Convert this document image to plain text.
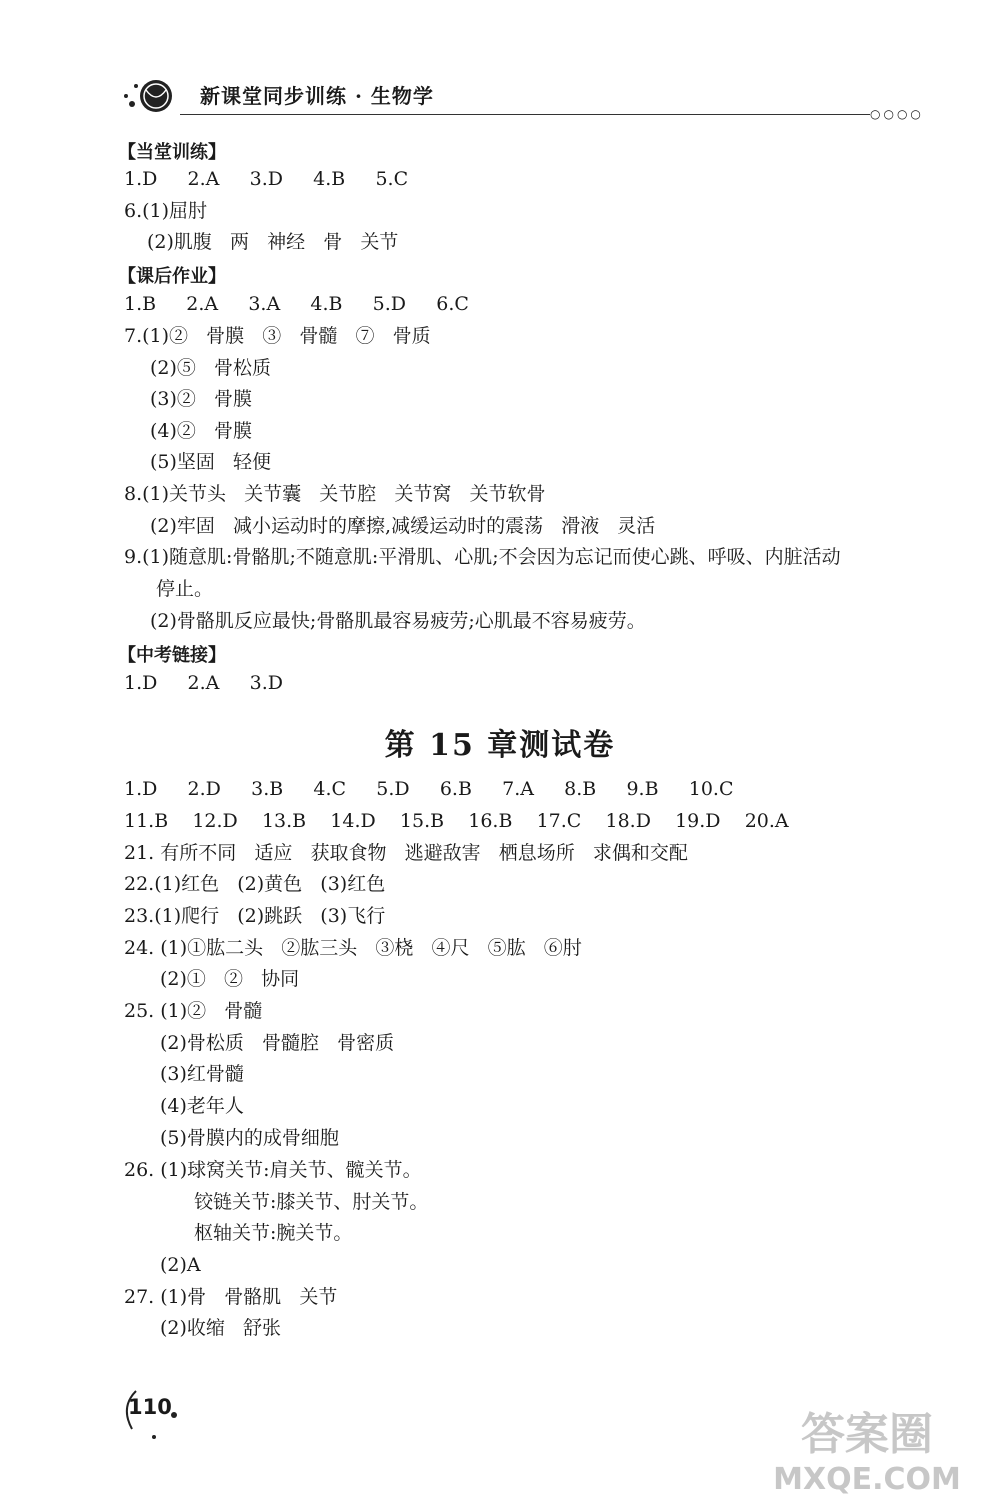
新课堂同步训练 · 生物学
○○○○
【当堂训练】
1.D     2.A     3.D     4.B     5.C
6.(1)屈肘
(2)肌腹   两   神经   骨   关节
【课后作业】
1.B     2.A     3.A     4.B     5.D     6.C
7.(1)②   骨膜   ③   骨髓   ⑦   骨质
(2)⑤   骨松质
(3)②   骨膜
(4)②   骨膜
(5)坚固   轻便
8.(1)关节头   关节囊   关节腔   关节窝   关节软骨
(2)牢固   减小运动时的摩擦,减缓运动时的震荡   滑液   灵活
9.(1)随意肌:骨骼肌;不随意肌:平滑肌、心肌;不会因为忘记而使心跳、呼吸、内脏活动
停止。
(2)骨骼肌反应最快;骨骼肌最容易疲劳;心肌最不容易疲劳。
【中考链接】
1.D     2.A     3.D
第 15 章测试卷
1.D     2.D     3.B     4.C     5.D     6.B     7.A     8.B     9.B     10.C
11.B    12.D    13.B    14.D    15.B    16.B    17.C    18.D    19.D    20.A
21. 有所不同   适应   获取食物   逃避敌害   栖息场所   求偶和交配
22.(1)红色   (2)黄色   (3)红色
23.(1)爬行   (2)跳跃   (3)飞行
24. (1)①肱二头   ②肱三头   ③桡   ④尺   ⑤肱   ⑥肘
(2)①   ②   协同
25. (1)②   骨髓
(2)骨松质   骨髓腔   骨密质
(3)红骨髓
(4)老年人
(5)骨膜内的成骨细胞
26. (1)球窝关节:肩关节、髋关节。
铰链关节:膝关节、肘关节。
枢轴关节:腕关节。
(2)A
27. (1)骨   骨骼肌   关节
(2)收缩   舒张
110
答案圈
MXQE.COM
